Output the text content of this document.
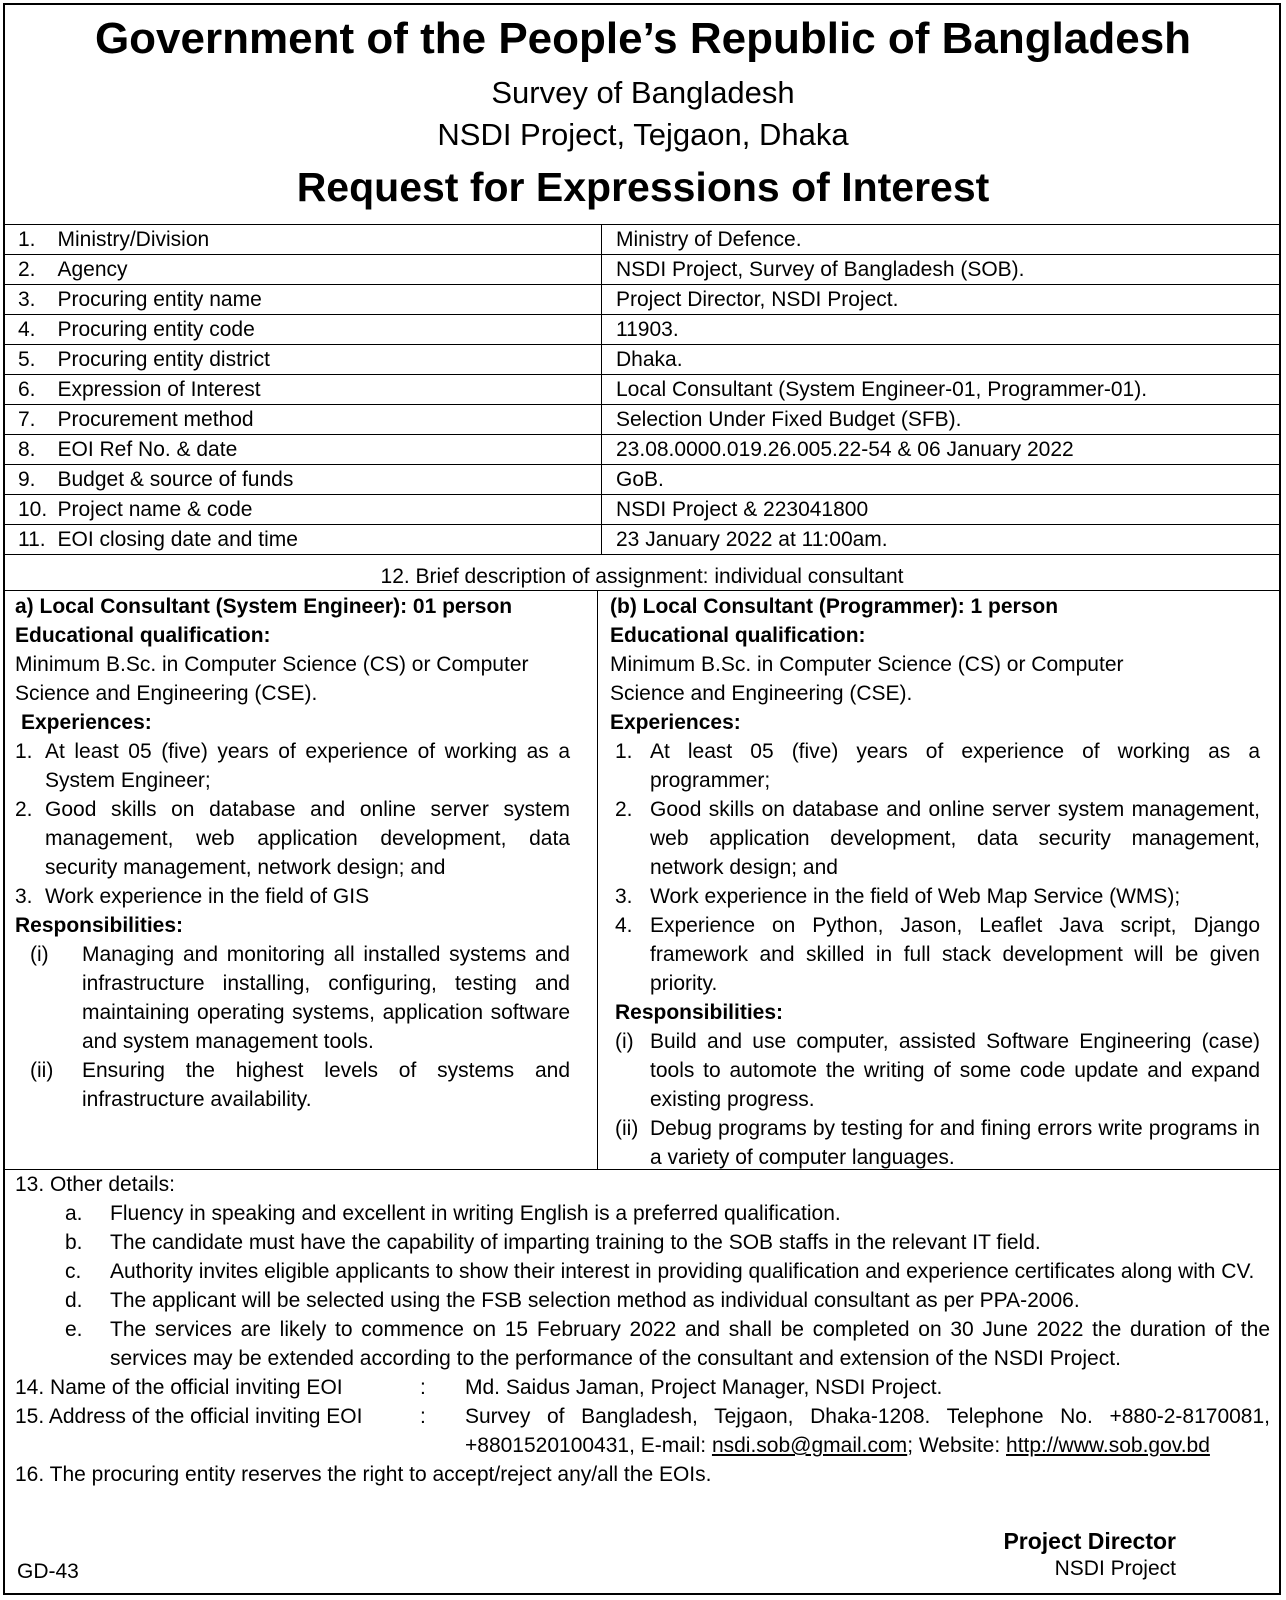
Government of the People’s Republic of Bangladesh
Survey of Bangladesh
NSDI Project, Tejgaon, Dhaka
Request for Expressions of Interest
1.	Ministry/Division	Ministry of Defence.
2.	Agency	NSDI Project, Survey of Bangladesh (SOB).
3.	Procuring entity name	Project Director, NSDI Project.
4.	Procuring entity code	11903.
5.	Procuring entity district	Dhaka.
6.	Expression of Interest	Local Consultant (System Engineer-01, Programmer-01).
7.	Procurement method	Selection Under Fixed Budget (SFB).
8.	EOI Ref No. & date	23.08.0000.019.26.005.22-54 & 06 January 2022
9.	Budget & source of funds	GoB.
10.	Project name & code	NSDI Project & 223041800
11.	EOI closing date and time	23 January 2022 at 11:00am.
12. Brief description of assignment: individual consultant
a) Local Consultant (System Engineer): 01 person
Educational qualification:
Minimum B.Sc. in Computer Science (CS) or Computer
Science and Engineering (CSE).
Experiences:
1. At least 05 (five) years of experience of working as a System Engineer;
2. Good skills on database and online server system management, web application development, data security management, network design; and
3. Work experience in the field of GIS
Responsibilities:
(i)	Managing and monitoring all installed systems and infrastructure installing, configuring, testing and maintaining operating systems, application software and system management tools.
(ii)	Ensuring the highest levels of systems and infrastructure availability.
(b) Local Consultant (Programmer): 1 person
Educational qualification:
Minimum B.Sc. in Computer Science (CS) or Computer
Science and Engineering (CSE).
Experiences:
1. At least 05 (five) years of experience of working as a programmer;
2. Good skills on database and online server system management, web application development, data security management, network design; and
3. Work experience in the field of Web Map Service (WMS);
4. Experience on Python, Jason, Leaflet Java script, Django framework and skilled in full stack development will be given priority.
Responsibilities:
(i) Build and use computer, assisted Software Engineering (case) tools to automote the writing of some code update and expand existing progress.
(ii) Debug programs by testing for and fining errors write programs in a variety of computer languages.
13. Other details:
a.	Fluency in speaking and excellent in writing English is a preferred qualification.
b.	The candidate must have the capability of imparting training to the SOB staffs in the relevant IT field.
c.	Authority invites eligible applicants to show their interest in providing qualification and experience certificates along with CV.
d.	The applicant will be selected using the FSB selection method as individual consultant as per PPA-2006.
e.	The services are likely to commence on 15 February 2022 and shall be completed on 30 June 2022 the duration of the services may be extended according to the performance of the consultant and extension of the NSDI Project.
14. Name of the official inviting EOI	:	Md. Saidus Jaman, Project Manager, NSDI Project.
15. Address of the official inviting EOI	:	Survey of Bangladesh, Tejgaon, Dhaka-1208. Telephone No. +880-2-8170081, +8801520100431, E-mail: nsdi.sob@gmail.com; Website: http://www.sob.gov.bd
16. The procuring entity reserves the right to accept/reject any/all the EOIs.
Project Director
NSDI Project
GD-43
